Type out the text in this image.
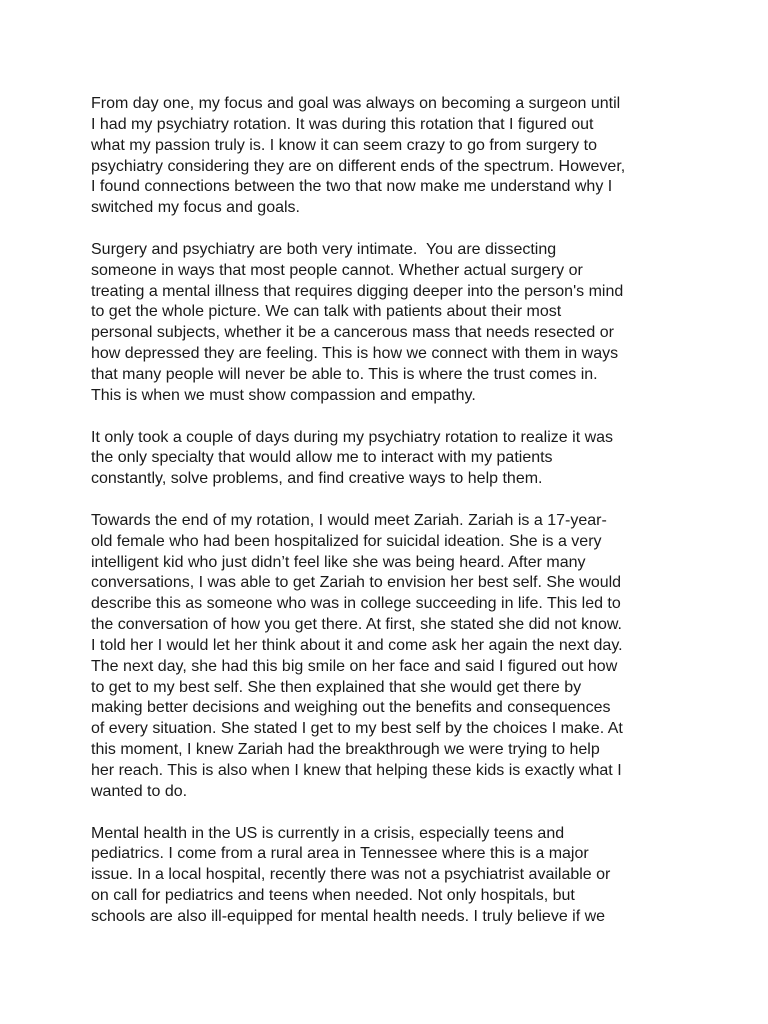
From day one, my focus and goal was always on becoming a surgeon until
I had my psychiatry rotation. It was during this rotation that I figured out
what my passion truly is. I know it can seem crazy to go from surgery to
psychiatry considering they are on different ends of the spectrum. However,
I found connections between the two that now make me understand why I
switched my focus and goals.
Surgery and psychiatry are both very intimate.  You are dissecting
someone in ways that most people cannot. Whether actual surgery or
treating a mental illness that requires digging deeper into the person's mind
to get the whole picture. We can talk with patients about their most
personal subjects, whether it be a cancerous mass that needs resected or
how depressed they are feeling. This is how we connect with them in ways
that many people will never be able to. This is where the trust comes in.
This is when we must show compassion and empathy.
It only took a couple of days during my psychiatry rotation to realize it was
the only specialty that would allow me to interact with my patients
constantly, solve problems, and find creative ways to help them.
Towards the end of my rotation, I would meet Zariah. Zariah is a 17-year-
old female who had been hospitalized for suicidal ideation. She is a very
intelligent kid who just didn’t feel like she was being heard. After many
conversations, I was able to get Zariah to envision her best self. She would
describe this as someone who was in college succeeding in life. This led to
the conversation of how you get there. At first, she stated she did not know.
I told her I would let her think about it and come ask her again the next day.
The next day, she had this big smile on her face and said I figured out how
to get to my best self. She then explained that she would get there by
making better decisions and weighing out the benefits and consequences
of every situation. She stated I get to my best self by the choices I make. At
this moment, I knew Zariah had the breakthrough we were trying to help
her reach. This is also when I knew that helping these kids is exactly what I
wanted to do.
Mental health in the US is currently in a crisis, especially teens and
pediatrics. I come from a rural area in Tennessee where this is a major
issue. In a local hospital, recently there was not a psychiatrist available or
on call for pediatrics and teens when needed. Not only hospitals, but
schools are also ill-equipped for mental health needs. I truly believe if we
